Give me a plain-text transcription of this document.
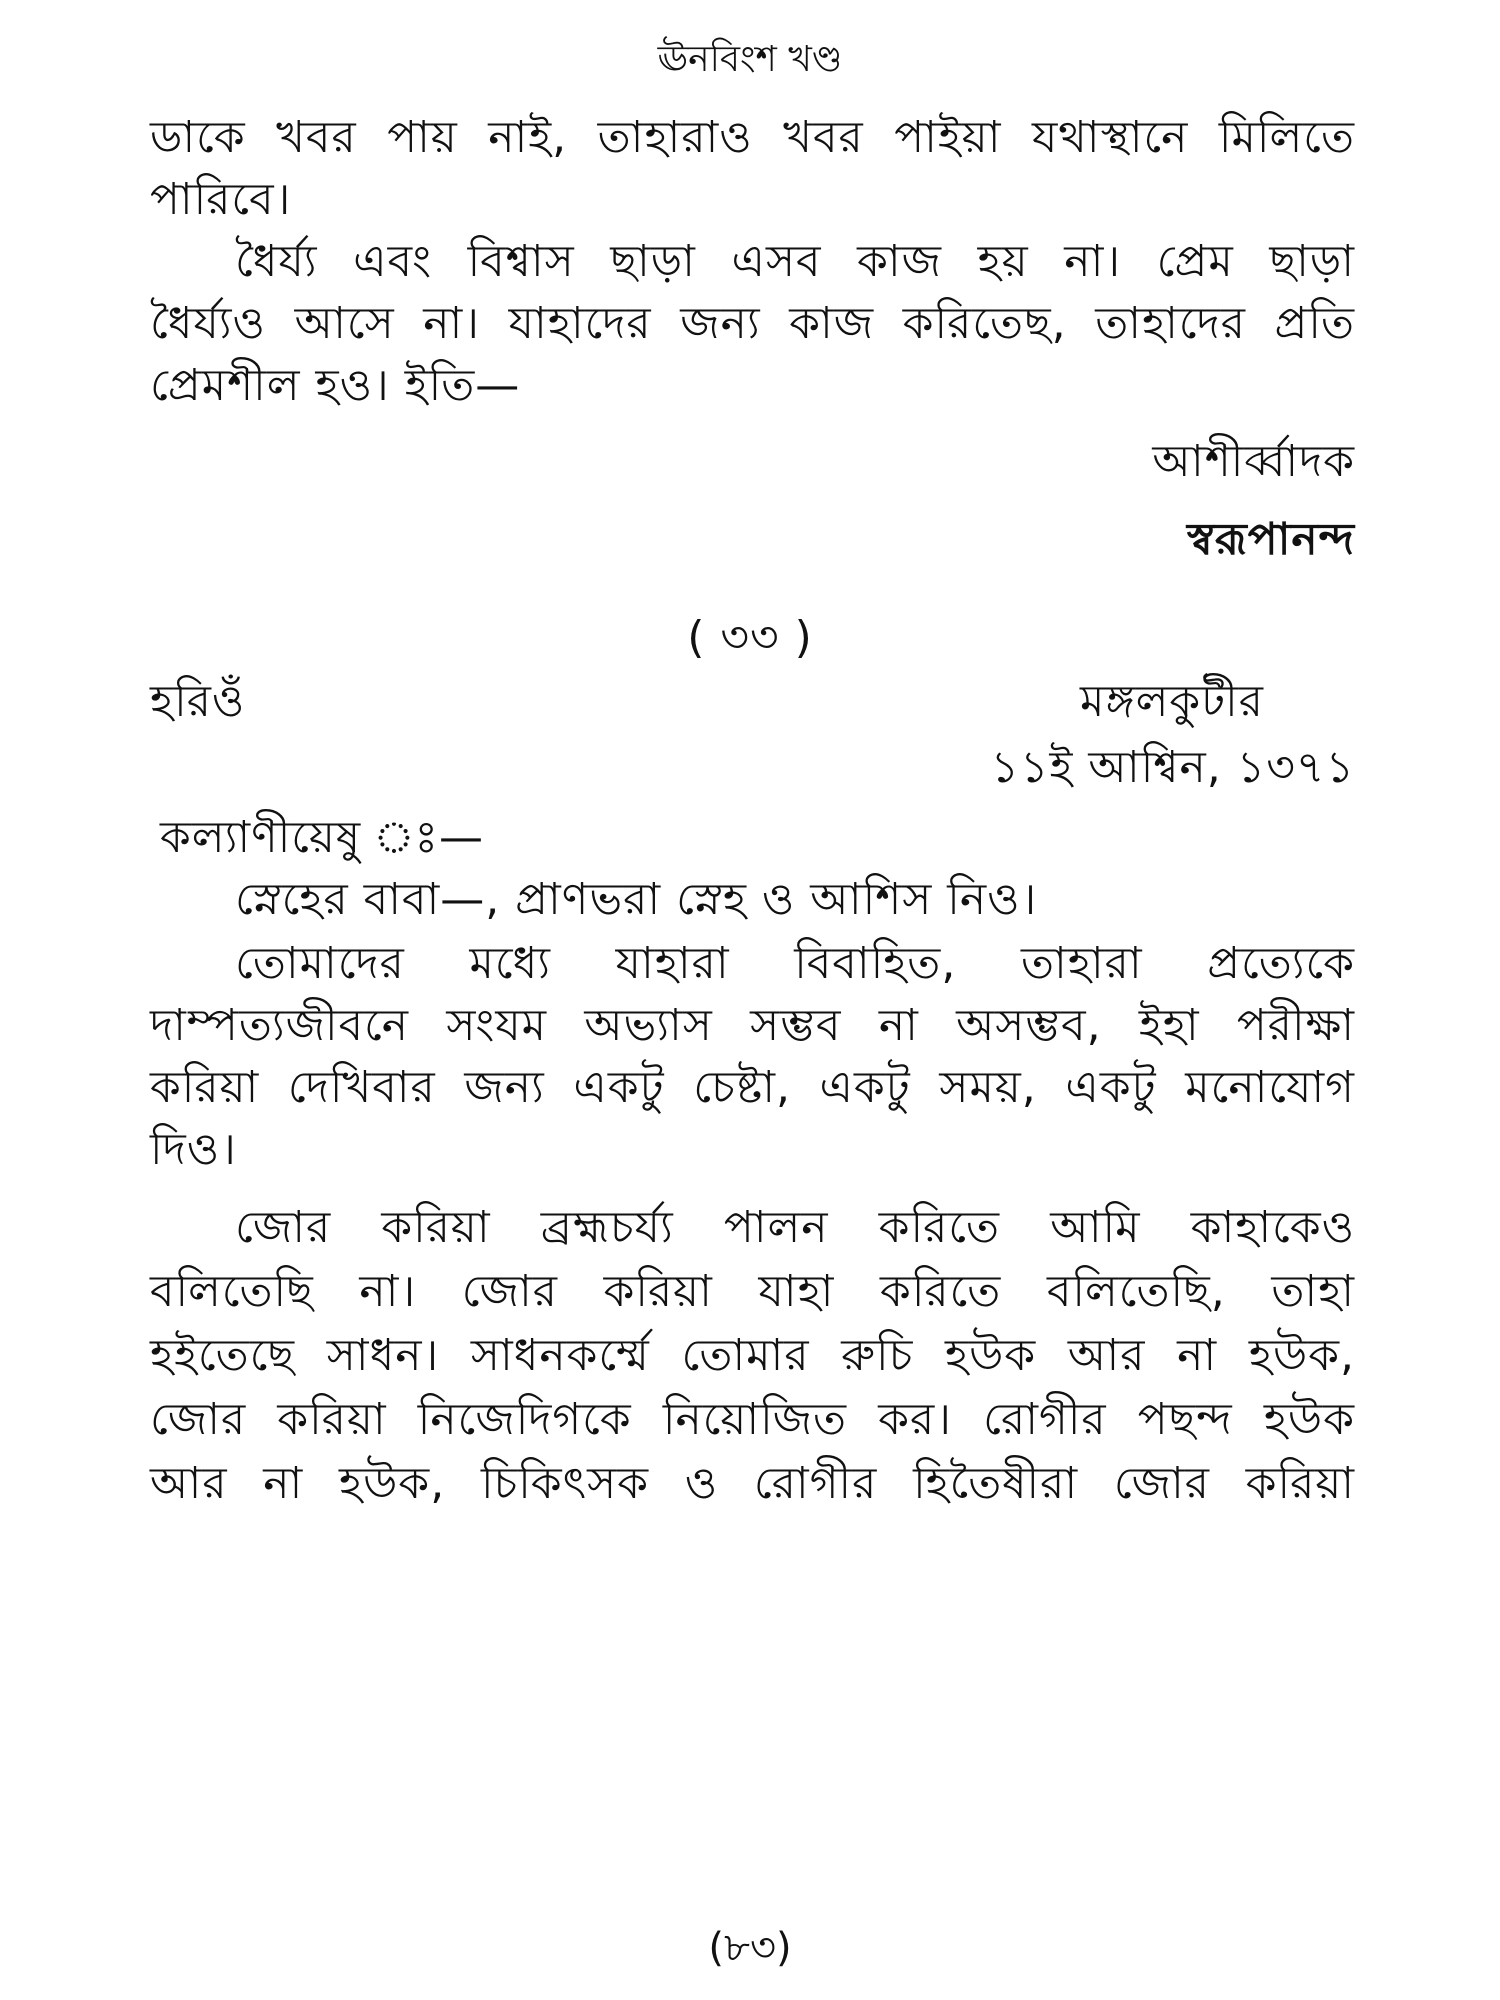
ঊনবিংশ খণ্ড
ডাকে খবর পায় নাই, তাহারাও খবর পাইয়া যথাস্থানে মিলিতে
পারিবে।
ধৈর্য্য এবং বিশ্বাস ছাড়া এসব কাজ হয় না। প্রেম ছাড়া
ধৈর্য্যও আসে না। যাহাদের জন্য কাজ করিতেছ, তাহাদের প্রতি
প্রেমশীল হও। ইতি—
আশীর্ব্বাদক
স্বরূপানন্দ
( ৩৩ )
হরিওঁ	মঙ্গলকুটীর
১১ই আশ্বিন, ১৩৭১
কল্যাণীয়েষু ঃ—
স্নেহের বাবা—, প্রাণভরা স্নেহ ও আশিস নিও।
তোমাদের মধ্যে যাহারা বিবাহিত, তাহারা প্রত্যেকে
দাম্পত্যজীবনে সংযম অভ্যাস সম্ভব না অসম্ভব, ইহা পরীক্ষা
করিয়া দেখিবার জন্য একটু চেষ্টা, একটু সময়, একটু মনোযোগ
দিও।
জোর করিয়া ব্রহ্মচর্য্য পালন করিতে আমি কাহাকেও
বলিতেছি না। জোর করিয়া যাহা করিতে বলিতেছি, তাহা
হইতেছে সাধন। সাধনকর্ম্মে তোমার রুচি হউক আর না হউক,
জোর করিয়া নিজেদিগকে নিয়োজিত কর। রোগীর পছন্দ হউক
আর না হউক, চিকিৎসক ও রোগীর হিতৈষীরা জোর করিয়া
(৮৩)
